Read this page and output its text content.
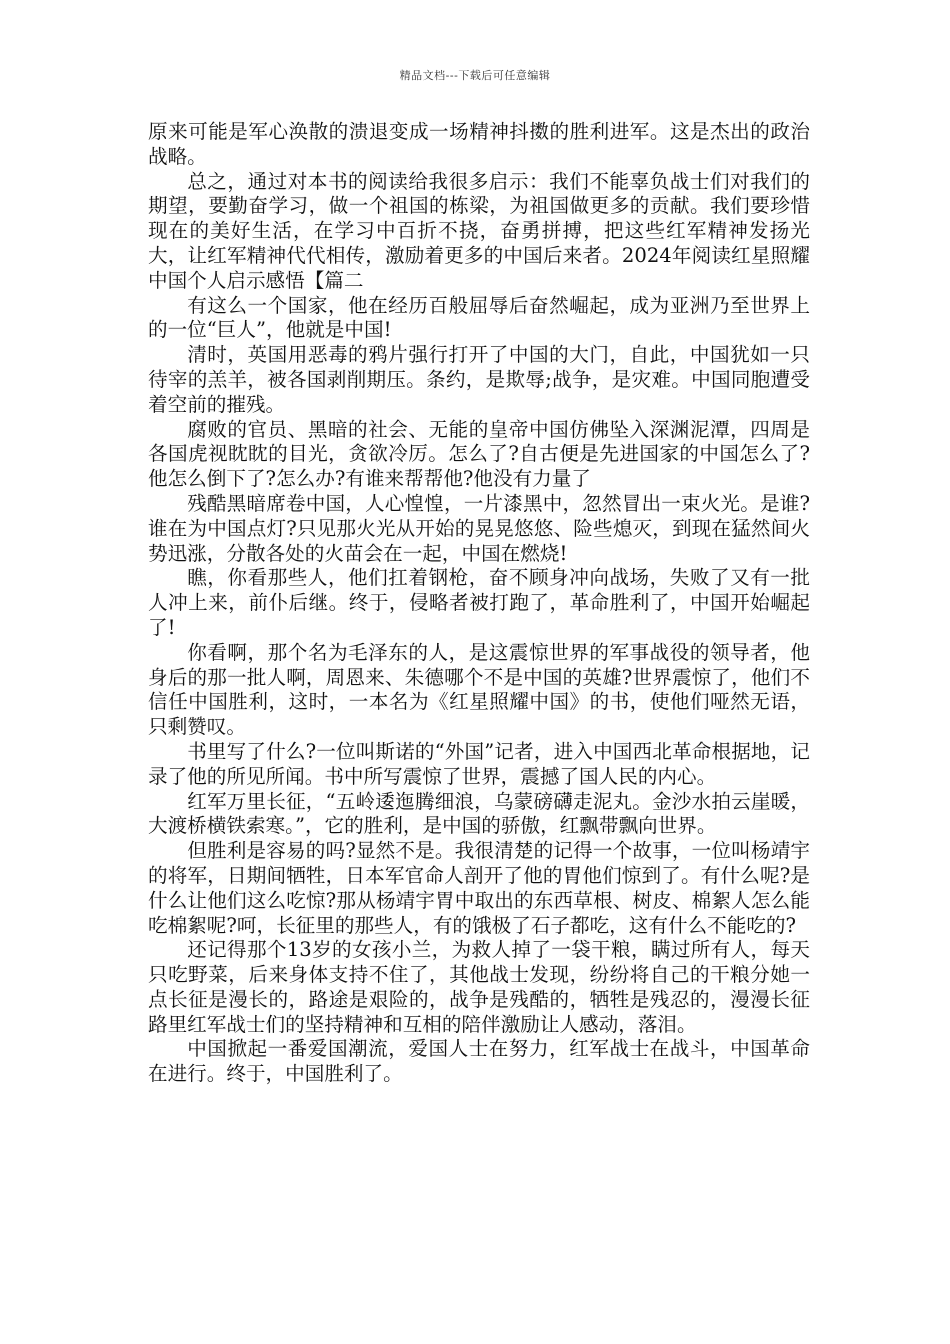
精品文档---下载后可任意编辑

原来可能是军心涣散的溃退变成一场精神抖擞的胜利进军。这是杰出的政治战略。

总之，通过对本书的阅读给我很多启示：我们不能辜负战士们对我们的期望，要勤奋学习，做一个祖国的栋梁，为祖国做更多的贡献。我们要珍惜现在的美好生活，在学习中百折不挠，奋勇拼搏，把这些红军精神发扬光大，让红军精神代代相传，激励着更多的中国后来者。2024年阅读红星照耀中国个人启示感悟【篇二

有这么一个国家，他在经历百般屈辱后奋然崛起，成为亚洲乃至世界上的一位“巨人”，他就是中国!

清时，英国用恶毒的鸦片强行打开了中国的大门，自此，中国犹如一只待宰的羔羊，被各国剥削期压。条约，是欺辱;战争，是灾难。中国同胞遭受着空前的摧残。

腐败的官员、黑暗的社会、无能的皇帝中国仿佛坠入深渊泥潭，四周是各国虎视眈眈的目光，贪欲冷厉。怎么了?自古便是先进国家的中国怎么了?他怎么倒下了?怎么办?有谁来帮帮他?他没有力量了

残酷黑暗席卷中国，人心惶惶，一片漆黑中，忽然冒出一束火光。是谁?谁在为中国点灯?只见那火光从开始的晃晃悠悠、险些熄灭，到现在猛然间火势迅涨，分散各处的火苗会在一起，中国在燃烧!

瞧，你看那些人，他们扛着钢枪，奋不顾身冲向战场，失败了又有一批人冲上来，前仆后继。终于，侵略者被打跑了，革命胜利了，中国开始崛起了!

你看啊，那个名为毛泽东的人，是这震惊世界的军事战役的领导者，他身后的那一批人啊，周恩来、朱德哪个不是中国的英雄?世界震惊了，他们不信任中国胜利，这时，一本名为《红星照耀中国》的书，使他们哑然无语，只剩赞叹。

书里写了什么?一位叫斯诺的“外国”记者，进入中国西北革命根据地，记录了他的所见所闻。书中所写震惊了世界，震撼了国人民的内心。

红军万里长征，“五岭逶迤腾细浪，乌蒙磅礴走泥丸。金沙水拍云崖暖，大渡桥横铁索寒。”，它的胜利，是中国的骄傲，红飘带飘向世界。

但胜利是容易的吗?显然不是。我很清楚的记得一个故事，一位叫杨靖宇的将军，日期间牺牲，日本军官命人剖开了他的胃他们惊到了。有什么呢?是什么让他们这么吃惊?那从杨靖宇胃中取出的东西草根、树皮、棉絮人怎么能吃棉絮呢?呵，长征里的那些人，有的饿极了石子都吃，这有什么不能吃的?

还记得那个13岁的女孩小兰，为救人掉了一袋干粮，瞒过所有人，每天只吃野菜，后来身体支持不住了，其他战士发现，纷纷将自己的干粮分她一点长征是漫长的，路途是艰险的，战争是残酷的，牺牲是残忍的，漫漫长征路里红军战士们的坚持精神和互相的陪伴激励让人感动，落泪。

中国掀起一番爱国潮流，爱国人士在努力，红军战士在战斗，中国革命在进行。终于，中国胜利了。
